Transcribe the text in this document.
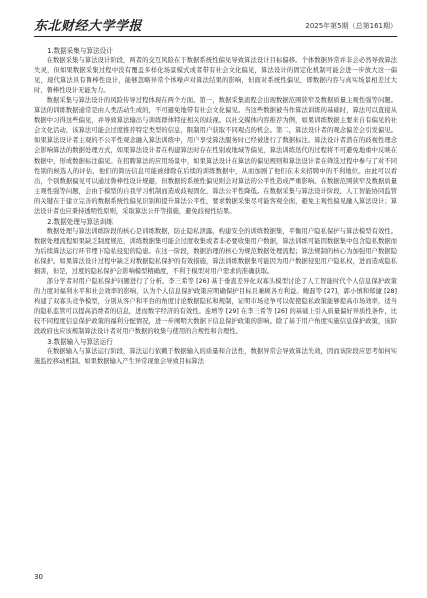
东北财经大学学报	2025年第5期（总第161期）
1.数据采集与算法设计

在数据采集与算法设计阶段，两者的交互风险在于数据系统性偏见导致算法设计目标偏移。个体数据异常并非会必然导致算法失灵，但如果数据采集过程中没有覆盖多样化场景模式或者带有社会文化偏见，算法设计的固定化机制可能会进一步放大这一偏见，现代算法具有鲁棒性设计，能够忽略异常个体噪声对算法结果的影响，但面对系统性偏见，即数据内容与真实场景相差过大时，鲁棒性设计无能为力。

数据采集与算法设计的风险传导过程体现在两个方面。第一，数据采集流程会出现数据范围狭窄及数据质量主观性强等问题。算法的训练数据通常是由人类活动生成的，不可避免地带有社会文化偏见。当这些数据被当作算法训练的基础时，算法可以直接从数据中习得这些偏见，并导致算法输出与训练群体特征相关的歧视。以社交媒体内容推荐为例，如果训练数据主要来自有偏见的社会文化活动，该算法可能会过度推荐特定类型的信息，限制用户获取不同观点的机会。第二，算法设计者的观念偏差会引发偏见。如果算法设计者主观的不公平性观念融入算法训练中，用户享受算法服务时已经被进行了数据标注。算法设计者潜在的歧视性理念会影响算法的数据处理方式，如果算法设计者在构建算法时存在性别或地域等偏见，算法训练迭代的过程将不可避免地重中反映在数据中，形成数据标注偏见。在招聘算法的应用场景中，如果算法设计在算法的偏见规则和算法设计者在筛选过程中参与了对不同性别的候选人的评估，他们的简历信息可能被排除在后续的训练数据中，从而加剧了他们在未来招聘中的不利地位。由此可以看出，个别数据偏见可以通过鲁棒性设计规避，但数据的系统性偏见则会对算法的公平性造成严重影响。在数据范围狭窄及数据质量主观性强等问题，会由于模型的自我学习机制而造成歧视固化，算法公平性降低。在数据采集与算法设计阶段，人工智能协同监管的关键在于建立完善的数据系统性偏见识别和提升算法公平性，要求数据采集尽可能客观全面，避免主观性偏见融入算法设计；算法设计者也应秉持透明性原则，采取算法公开等措施，避免歧视性结果。

2.数据处理与算法训练

数据处理与算法训练阶段的核心是训练数据，防止隐私泄露，构建安全的训练数据集，平衡用户隐私保护与算法模型有效性。数据处理流程如果缺乏制度规范，训练数据集可能会过度收集或者非必要收集用户数据，算法训练可能因数据集中包含隐私数据而为后续算法运行环节埋下隐私侵犯的隐患。在这一阶段，数据治理的核心为规范数据处理流程；算法规制的核心为加强用户数据隐私保护。如果算法设计过程中缺乏对数据隐私保护的有效措施，算法训练数据集可能因为用户数据侵犯用户隐私权，进而造成隐私损害，但是，过度的隐私保护会影响模型精确度，不利于模型对用户需求的准确获取。

部分学者对用户隐私保护问题进行了分析。李三希等 [26] 基于垂直差异化双寡头模型讨论了人工智能时代个人信息保护政策的力度对福利水平和社会效率的影响，认为个人信息保护政策应明确保护目标且兼顾各方利益。鲍磊等 [27]，郭小慎和郑捷 [28] 构建了双寡头竞争模型，分别从客户和平台的角度讨论数据隐私和规制，证明市场竞争可以促使隐私政策能够提高市场效率，适当的隐私监管可以提高消费者的信息，进而数字经济的有效性。连增等 [29] 在李三希等 [26] 的基础上引入质量偏好异质性条件，比较不同程度信息保护政策的福利分配情况，进一步阐明大数据下信息保护政策的影响。除了基于用户角度实施信息保护政策，该阶段政府也应该规制算法设计者对用户数据的收集与使用的合规性和合理性。

3.数据输入与算法运行

在数据输入与算法运行阶段，算法运行依赖于数据输入的质量和合法性，数据异常会导致算法失效，因而该阶段应思考如何实施监控移动机制。如果数据输入产生异常现象会导致目标算法

30
